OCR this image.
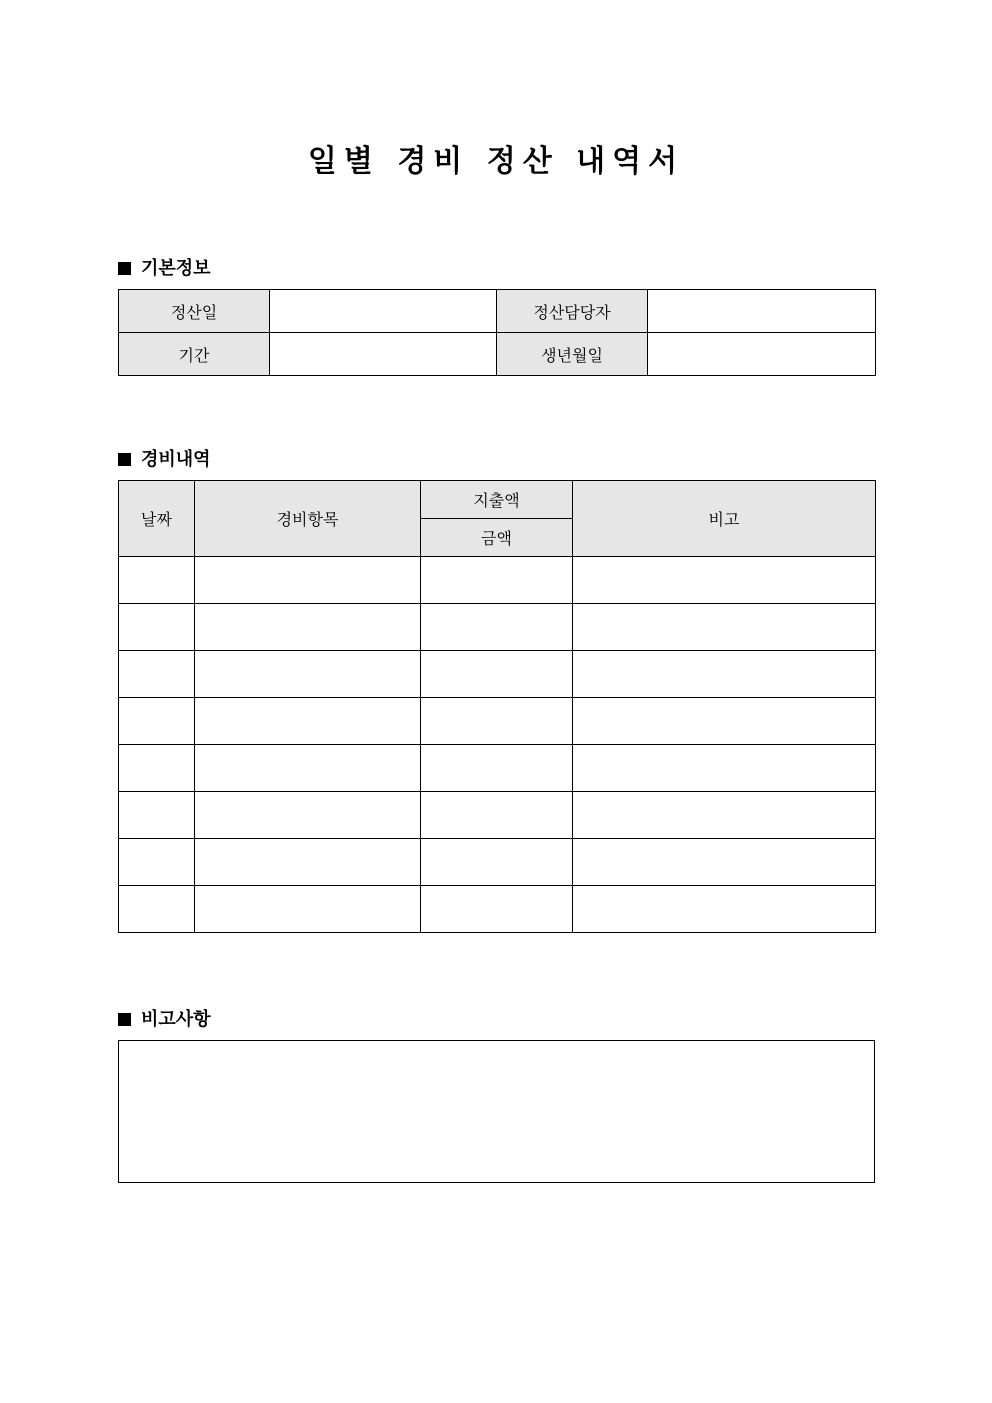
일별 경비 정산 내역서
기본정보
정산일		정산담당자	
기간		생년월일	
경비내역
날짜	경비항목	지출액	비고
		금액	

비고사항
